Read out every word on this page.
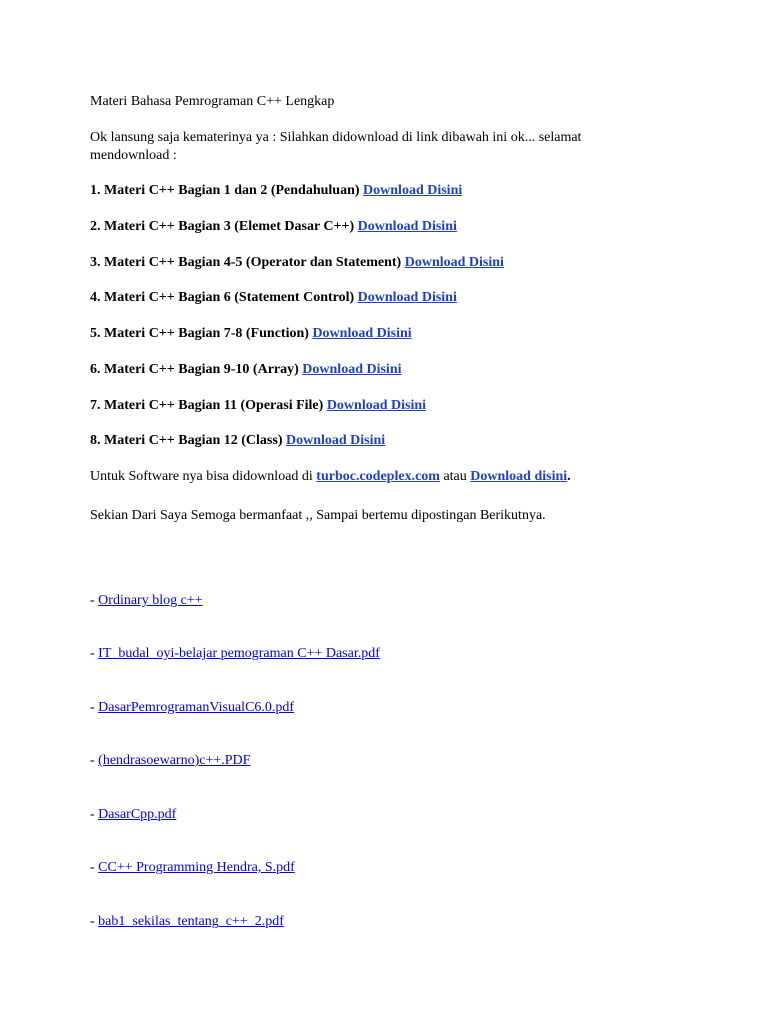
Materi Bahasa Pemrograman C++ Lengkap
Ok lansung saja kematerinya ya : Silahkan didownload di link dibawah ini ok... selamat mendownload :
1. Materi C++ Bagian 1 dan 2 (Pendahuluan) Download Disini
2. Materi C++ Bagian 3 (Elemet Dasar C++) Download Disini
3. Materi C++ Bagian 4-5 (Operator dan Statement) Download Disini
4. Materi C++ Bagian 6 (Statement Control) Download Disini
5. Materi C++ Bagian 7-8 (Function) Download Disini
6. Materi C++ Bagian 9-10 (Array) Download Disini
7. Materi C++ Bagian 11 (Operasi File) Download Disini
8. Materi C++ Bagian 12 (Class) Download Disini
Untuk Software nya bisa didownload di turboc.codeplex.com atau Download disini.
Sekian Dari Saya Semoga bermanfaat ,, Sampai bertemu dipostingan Berikutnya.
- Ordinary blog c++
- IT_budal_oyi-belajar pemograman C++ Dasar.pdf
- DasarPemrogramanVisualC6.0.pdf
- (hendrasoewarno)c++.PDF
- DasarCpp.pdf
- CC++ Programming Hendra, S.pdf
- bab1_sekilas_tentang_c++_2.pdf
